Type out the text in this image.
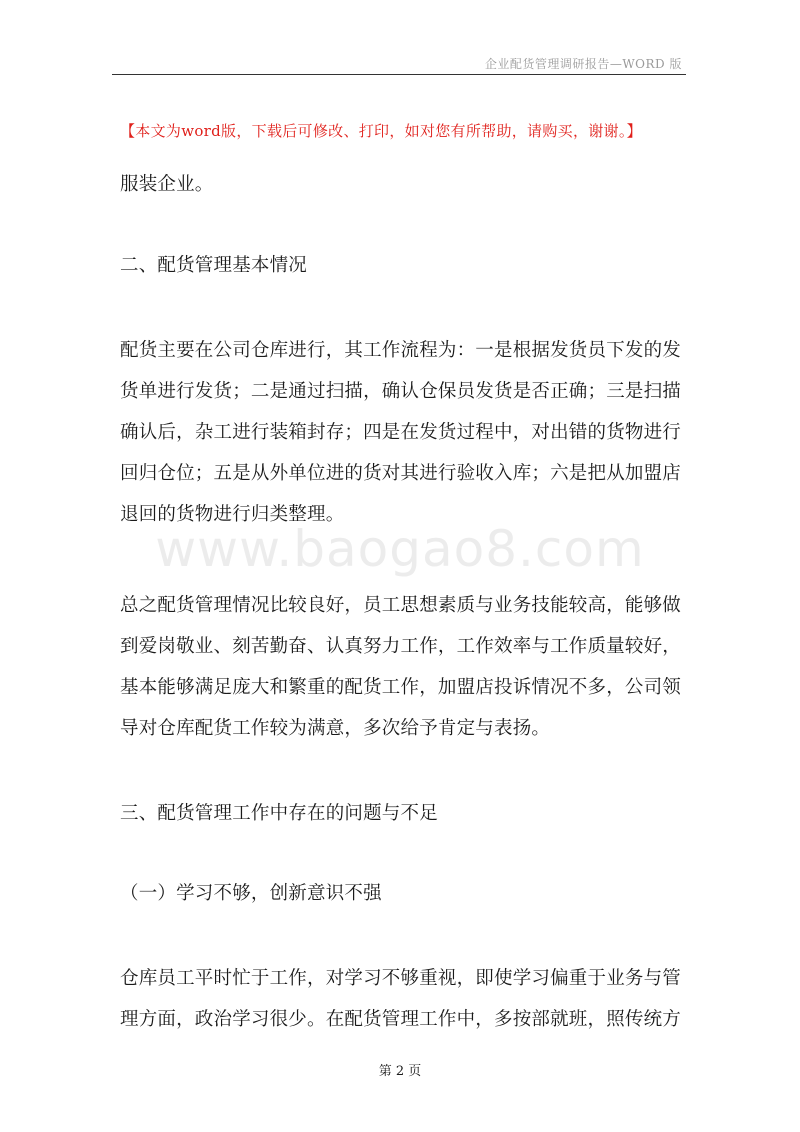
企业配货管理调研报告—WORD 版
【本文为word版，下载后可修改、打印，如对您有所帮助，请购买，谢谢。】
www.baogao8.com
服装企业。
二、配货管理基本情况
配货主要在公司仓库进行，其工作流程为：一是根据发货员下发的发
货单进行发货；二是通过扫描，确认仓保员发货是否正确；三是扫描
确认后，杂工进行装箱封存；四是在发货过程中，对出错的货物进行
回归仓位；五是从外单位进的货对其进行验收入库；六是把从加盟店
退回的货物进行归类整理。
总之配货管理情况比较良好，员工思想素质与业务技能较高，能够做
到爱岗敬业、刻苦勤奋、认真努力工作，工作效率与工作质量较好，
基本能够满足庞大和繁重的配货工作，加盟店投诉情况不多，公司领
导对仓库配货工作较为满意，多次给予肯定与表扬。
三、配货管理工作中存在的问题与不足
（一）学习不够，创新意识不强
仓库员工平时忙于工作，对学习不够重视，即使学习偏重于业务与管
理方面，政治学习很少。在配货管理工作中，多按部就班，照传统方
第 2 页
